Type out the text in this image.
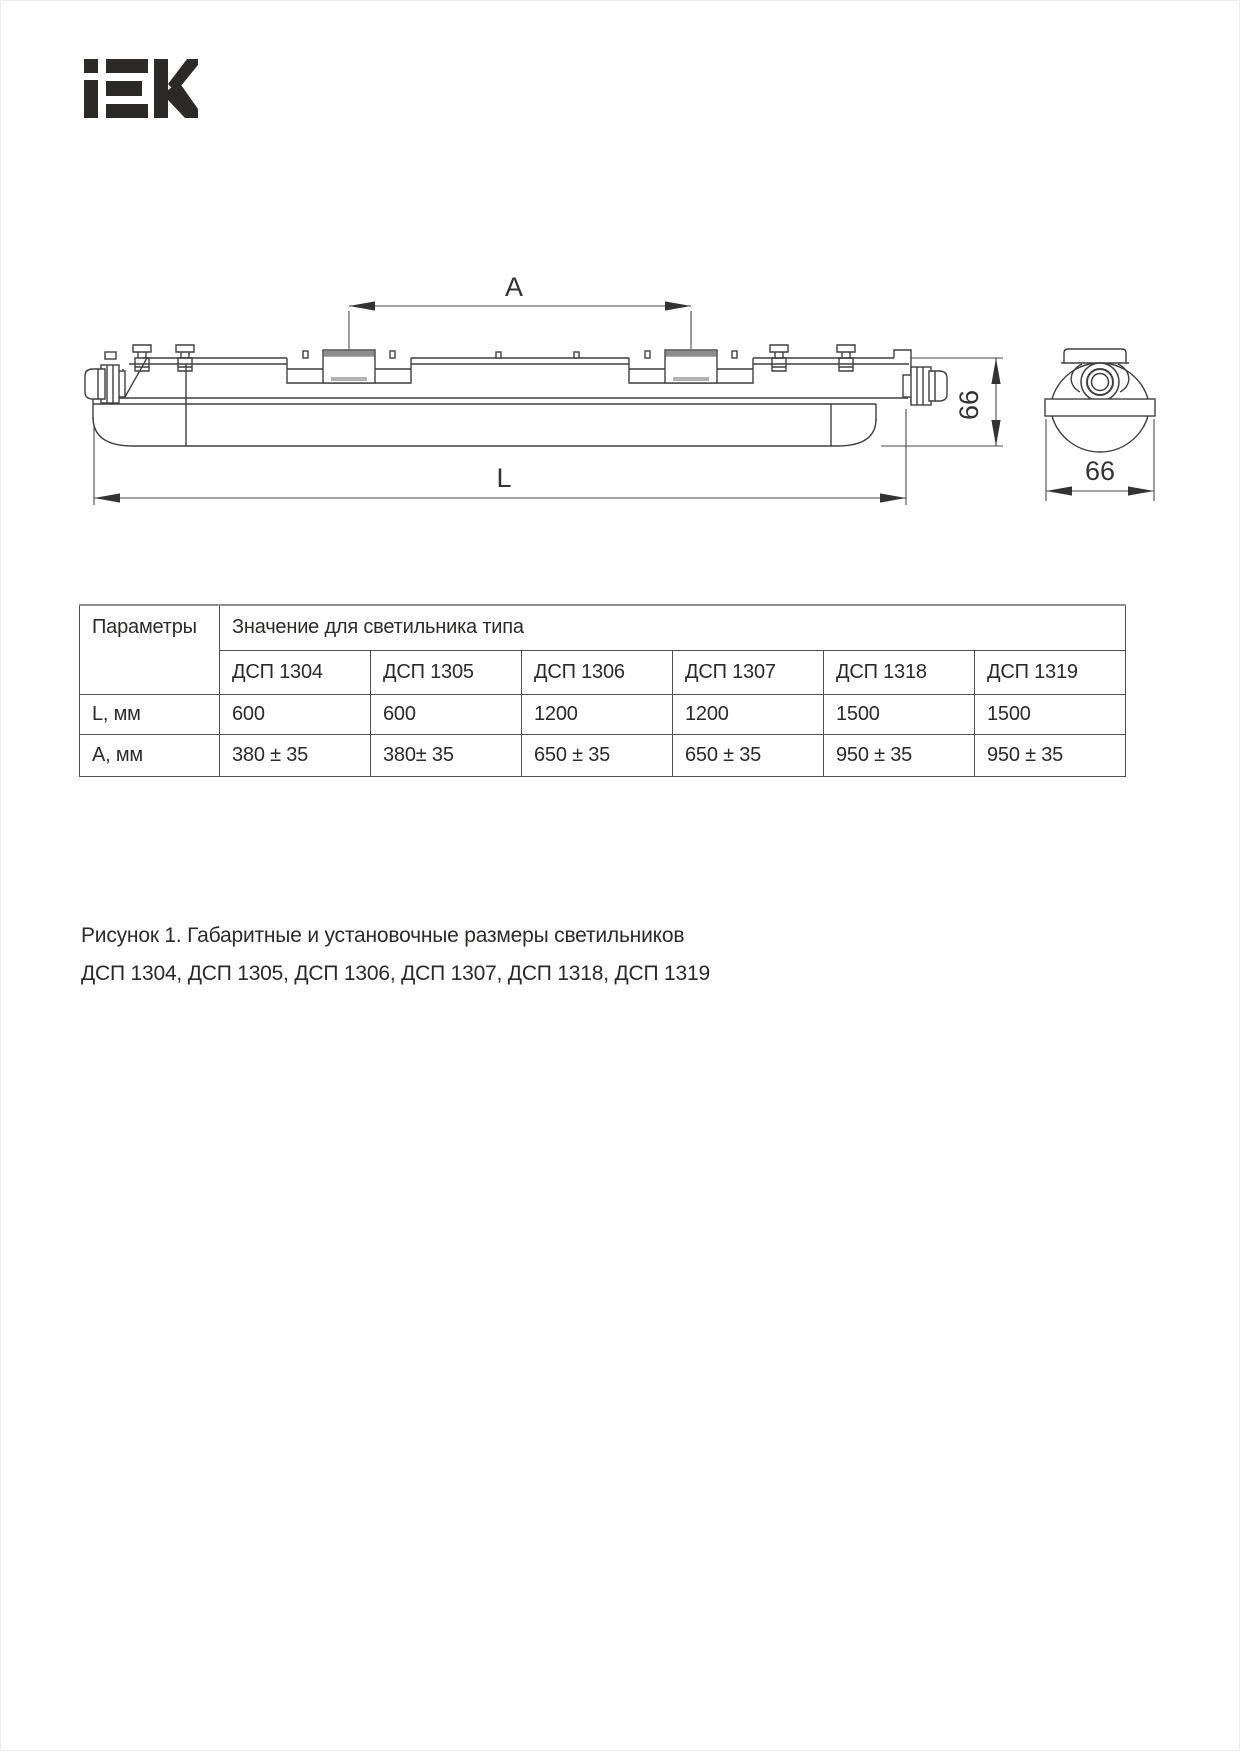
A
L
66
66
Параметры	Значение для светильника типа					
	ДСП 1304	ДСП 1305	ДСП 1306	ДСП 1307	ДСП 1318	ДСП 1319
L, мм	600	600	1200	1200	1500	1500
А, мм	380 ± 35	380± 35	650 ± 35	650 ± 35	950 ± 35	950 ± 35
Рисунок 1. Габаритные и установочные размеры светильников
ДСП 1304, ДСП 1305, ДСП 1306, ДСП 1307, ДСП 1318, ДСП 1319
